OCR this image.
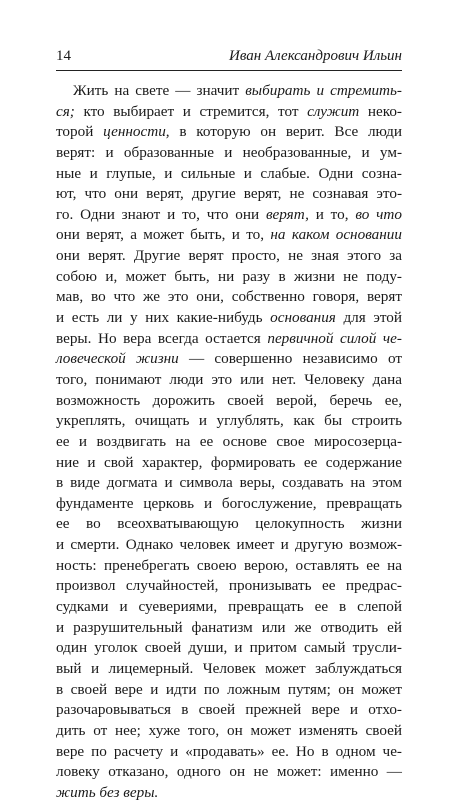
14	Иван Александрович Ильин
Жить на свете — значит выбирать и стремить-
ся; кто выбирает и стремится, тот служит неко-
торой ценности, в которую он верит. Все люди
верят: и образованные и необразованные, и ум-
ные и глупые, и сильные и слабые. Одни созна-
ют, что они верят, другие верят, не сознавая это-
го. Одни знают и то, что они верят, и то, во что
они верят, а может быть, и то, на каком основании
они верят. Другие верят просто, не зная этого за
собою и, может быть, ни разу в жизни не поду-
мав, во что же это они, собственно говоря, верят
и есть ли у них какие-нибудь основания для этой
веры. Но вера всегда остается первичной силой че-
ловеческой жизни — совершенно независимо от
того, понимают люди это или нет. Человеку дана
возможность дорожить своей верой, беречь ее,
укреплять, очищать и углублять, как бы строить
ее и воздвигать на ее основе свое миросозерца-
ние и свой характер, формировать ее содержание
в виде догмата и символа веры, создавать на этом
фундаменте церковь и богослужение, превращать
ее во всеохватывающую целокупность жизни
и смерти. Однако человек имеет и другую возмож-
ность: пренебрегать своею верою, оставлять ее на
произвол случайностей, пронизывать ее предрас-
судками и суевериями, превращать ее в слепой
и разрушительный фанатизм или же отводить ей
один уголок своей души, и притом самый трусли-
вый и лицемерный. Человек может заблуждаться
в своей вере и идти по ложным путям; он может
разочаровываться в своей прежней вере и отхо-
дить от нее; хуже того, он может изменять своей
вере по расчету и «продавать» ее. Но в одном че-
ловеку отказано, одного он не может: именно —
жить без веры.
